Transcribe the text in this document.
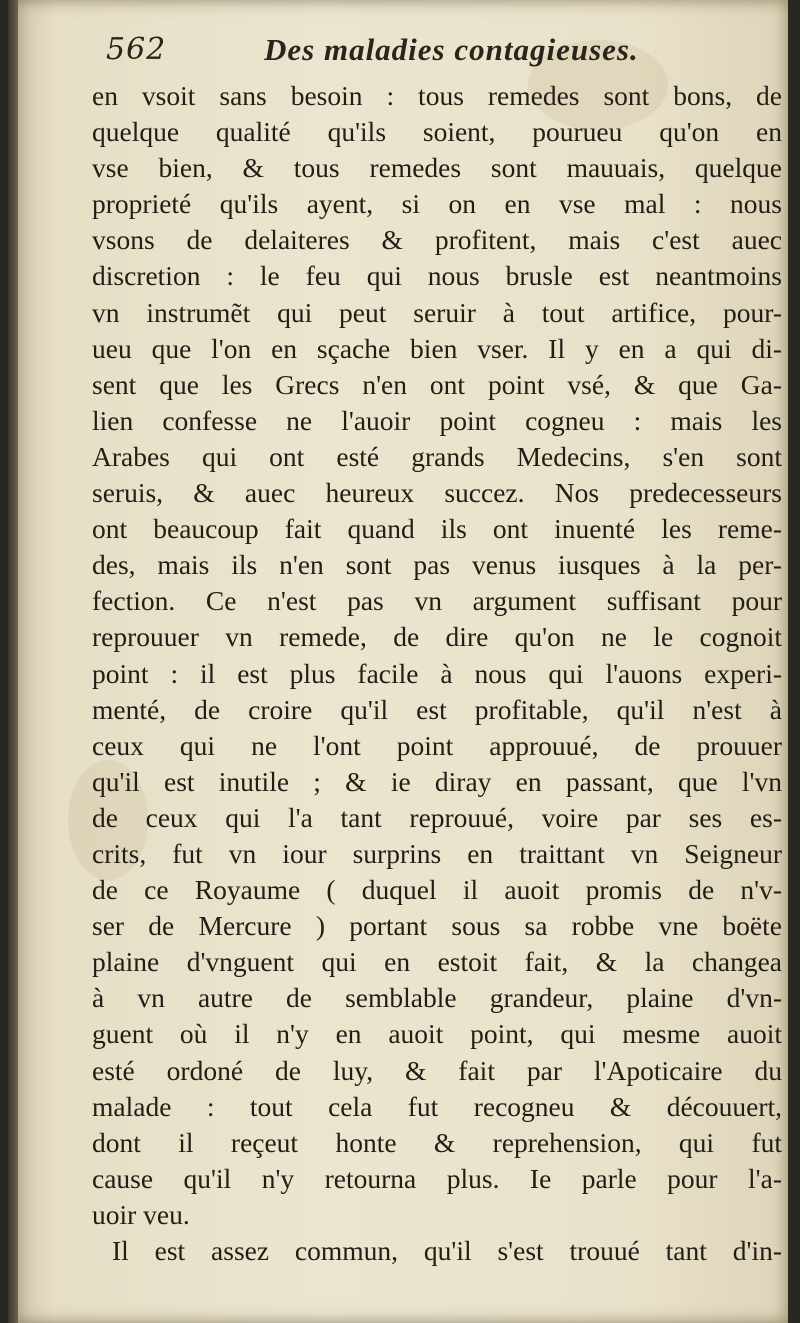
562	Des maladies contagieuses.
en vsoit sans besoin : tous remedes sont bons, de
quelque qualité qu'ils soient, pourueu qu'on en
vse bien, & tous remedes sont mauuais, quelque
proprieté qu'ils ayent, si on en vse mal : nous
vsons de delaiteres & profitent, mais c'est auec
discretion : le feu qui nous brusle est neantmoins
vn instrumẽt qui peut seruir à tout artifice, pour-
ueu que l'on en sçache bien vser. Il y en a qui di-
sent que les Grecs n'en ont point vsé, & que Ga-
lien confesse ne l'auoir point cogneu : mais les
Arabes qui ont esté grands Medecins, s'en sont
seruis, & auec heureux succez. Nos predecesseurs
ont beaucoup fait quand ils ont inuenté les reme-
des, mais ils n'en sont pas venus iusques à la per-
fection. Ce n'est pas vn argument suffisant pour
reprouuer vn remede, de dire qu'on ne le cognoit
point : il est plus facile à nous qui l'auons experi-
menté, de croire qu'il est profitable, qu'il n'est à
ceux qui ne l'ont point approuué, de prouuer
qu'il est inutile ; & ie diray en passant, que l'vn
de ceux qui l'a tant reprouué, voire par ses es-
crits, fut vn iour surprins en traittant vn Seigneur
de ce Royaume ( duquel il auoit promis de n'v-
ser de Mercure ) portant sous sa robbe vne boëte
plaine d'vnguent qui en estoit fait, & la changea
à vn autre de semblable grandeur, plaine d'vn-
guent où il n'y en auoit point, qui mesme auoit
esté ordoné de luy, & fait par l'Apoticaire du
malade : tout cela fut recogneu & découuert,
dont il reçeut honte & reprehension, qui fut
cause qu'il n'y retourna plus. Ie parle pour l'a-
uoir veu.
Il est assez commun, qu'il s'est trouué tant d'in-
